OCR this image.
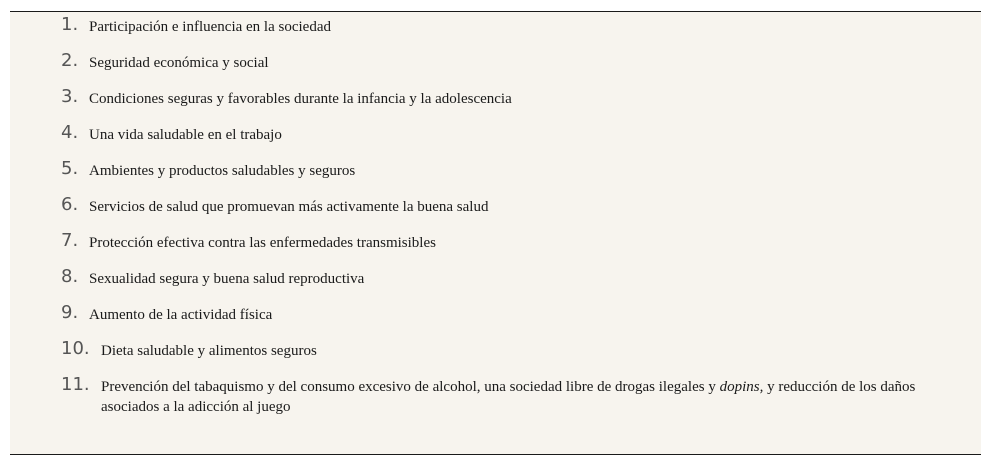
1. Participación e influencia en la sociedad
2. Seguridad económica y social
3. Condiciones seguras y favorables durante la infancia y la adolescencia
4. Una vida saludable en el trabajo
5. Ambientes y productos saludables y seguros
6. Servicios de salud que promuevan más activamente la buena salud
7. Protección efectiva contra las enfermedades transmisibles
8. Sexualidad segura y buena salud reproductiva
9. Aumento de la actividad física
10. Dieta saludable y alimentos seguros
11. Prevención del tabaquismo y del consumo excesivo de alcohol, una sociedad libre de drogas ilegales y dopins, y reducción de los daños asociados a la adicción al juego
